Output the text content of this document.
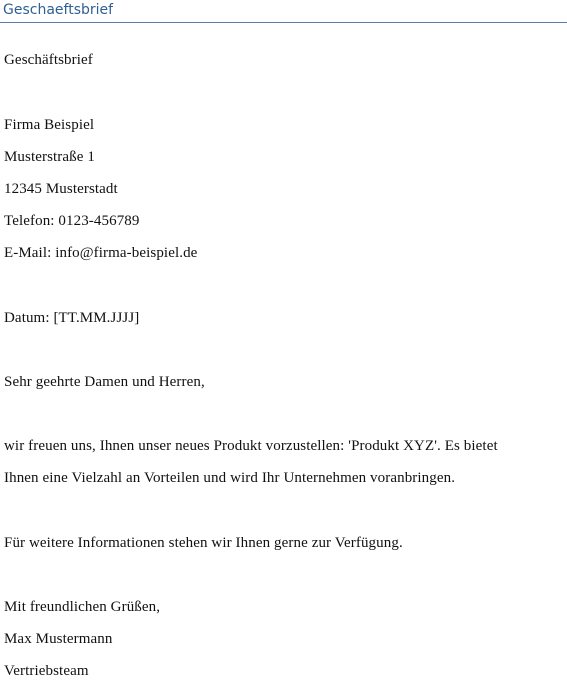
Geschaeftsbrief
Geschäftsbrief
Firma Beispiel
Musterstraße 1
12345 Musterstadt
Telefon: 0123-456789
E-Mail: info@firma-beispiel.de
Datum: [TT.MM.JJJJ]
Sehr geehrte Damen und Herren,
wir freuen uns, Ihnen unser neues Produkt vorzustellen: 'Produkt XYZ'. Es bietet
Ihnen eine Vielzahl an Vorteilen und wird Ihr Unternehmen voranbringen.
Für weitere Informationen stehen wir Ihnen gerne zur Verfügung.
Mit freundlichen Grüßen,
Max Mustermann
Vertriebsteam
